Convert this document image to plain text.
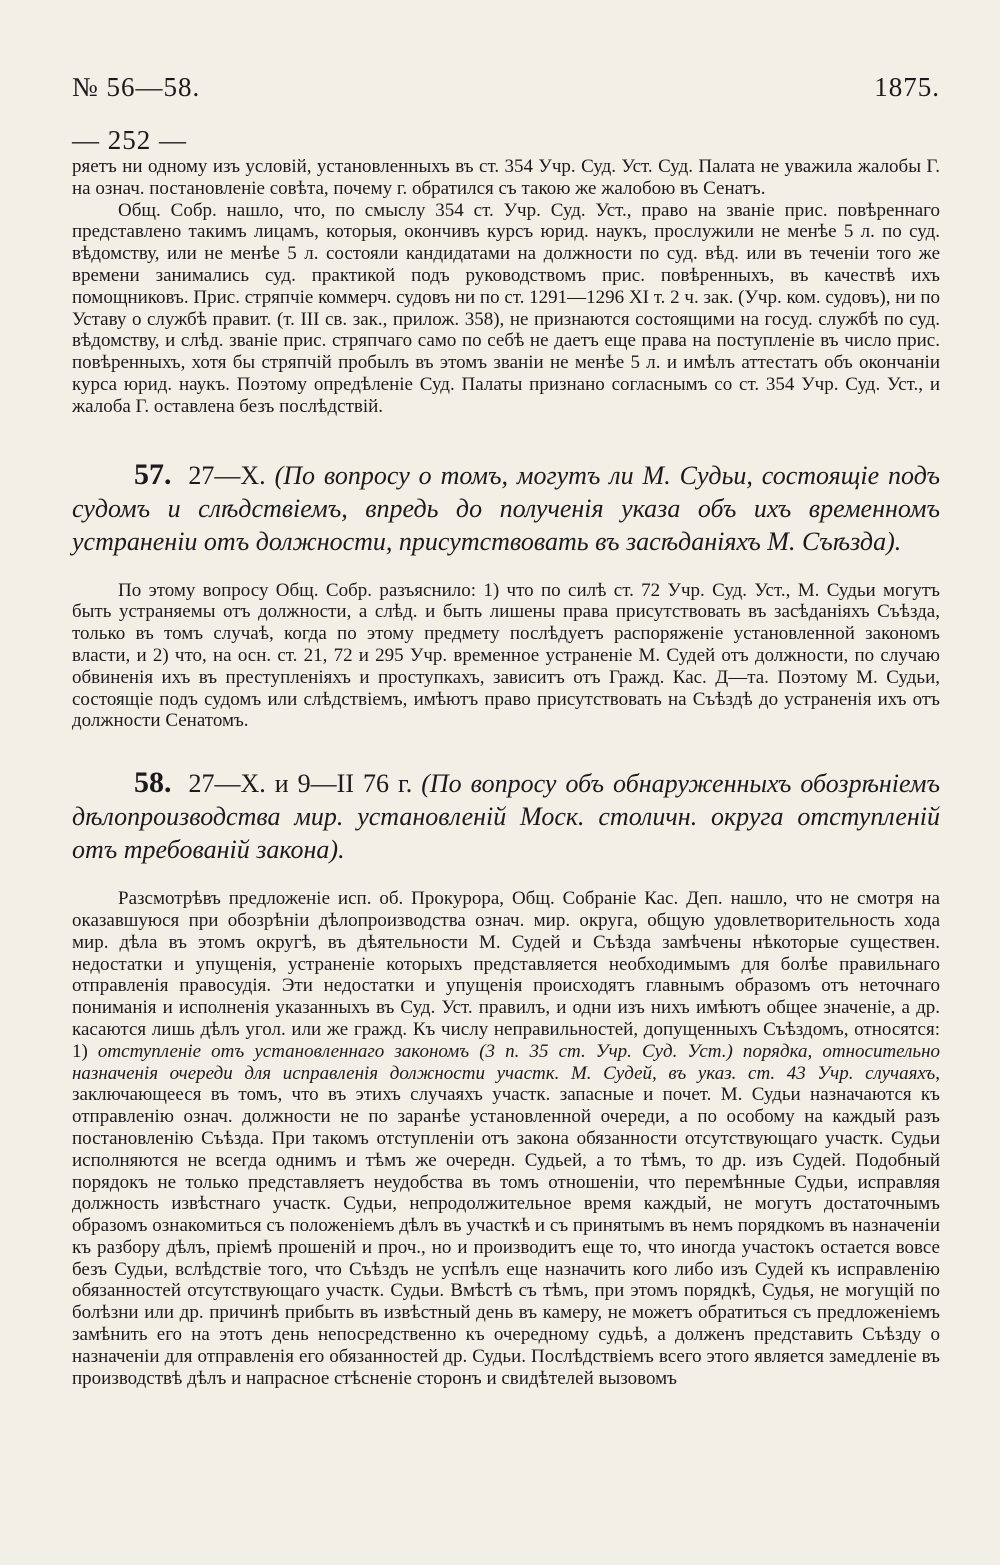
№ 56—58.	1875.
— 252 —

ряетъ ни одному изъ условій, установленныхъ въ ст. 354 Учр. Суд. Уст. Суд. Палата не уважила жалобы Г. на означ. постановленіе совѣта, почему г. обратился съ такою же жалобою въ Сенатъ.

Общ. Собр. нашло, что, по смыслу 354 ст. Учр. Суд. Уст., право на званіе прис. повѣреннаго представлено такимъ лицамъ, которыя, окончивъ курсъ юрид. наукъ, прослужили не менѣе 5 л. по суд. вѣдомству, или не менѣе 5 л. состояли кандидатами на должности по суд. вѣд. или въ теченіи того же времени занимались суд. практикой подъ руководствомъ прис. повѣренныхъ, въ качествѣ ихъ помощниковъ. Прис. стряпчіе коммерч. судовъ ни по ст. 1291—1296 XI т. 2 ч. зак. (Учр. ком. судовъ), ни по Уставу о службѣ правит. (т. III св. зак., прилож. 358), не признаются состоящими на госуд. службѣ по суд. вѣдомству, и слѣд. званіе прис. стряпчаго само по себѣ не даетъ еще права на поступленіе въ число прис. повѣренныхъ, хотя бы стряпчій пробылъ въ этомъ званіи не менѣе 5 л. и имѣлъ аттестатъ объ окончаніи курса юрид. наукъ. Поэтому опредѣленіе Суд. Палаты признано согласнымъ со ст. 354 Учр. Суд. Уст., и жалоба Г. оставлена безъ послѣдствій.

57. 27—X. (По вопросу о томъ, могутъ ли М. Судьи, состоящіе подъ судомъ и слѣдствіемъ, впредь до полученія указа объ ихъ временномъ устраненіи отъ должности, присутствовать въ засѣданіяхъ М. Съѣзда).

По этому вопросу Общ. Собр. разъяснило: 1) что по силѣ ст. 72 Учр. Суд. Уст., М. Судьи могутъ быть устраняемы отъ должности, а слѣд. и быть лишены права присутствовать въ засѣданіяхъ Съѣзда, только въ томъ случаѣ, когда по этому предмету послѣдуетъ распоряженіе установленной закономъ власти, и 2) что, на осн. ст. 21, 72 и 295 Учр. временное устраненіе М. Судей отъ должности, по случаю обвиненія ихъ въ преступленіяхъ и проступкахъ, зависитъ отъ Гражд. Кас. Д—та. Поэтому М. Судьи, состоящіе подъ судомъ или слѣдствіемъ, имѣютъ право присутствовать на Съѣздѣ до устраненія ихъ отъ должности Сенатомъ.

58. 27—X. и 9—II 76 г. (По вопросу объ обнаруженныхъ обозрѣніемъ дѣлопроизводства мир. установленій Моск. столичн. округа отступленій отъ требованій закона).

Разсмотрѣвъ предложеніе исп. об. Прокурора, Общ. Собраніе Кас. Деп. нашло, что не смотря на оказавшуюся при обозрѣніи дѣлопроизводства означ. мир. округа, общую удовлетворительность хода мир. дѣла въ этомъ округѣ, въ дѣятельности М. Судей и Съѣзда замѣчены нѣкоторые существен. недостатки и упущенія, устраненіе которыхъ представляется необходимымъ для болѣе правильнаго отправленія правосудія. Эти недостатки и упущенія происходятъ главнымъ образомъ отъ неточнаго пониманія и исполненія указанныхъ въ Суд. Уст. правилъ, и одни изъ нихъ имѣютъ общее значеніе, а др. касаются лишь дѣлъ угол. или же гражд. Къ числу неправильностей, допущенныхъ Съѣздомъ, относятся: 1) отступленіе отъ установленнаго закономъ (3 п. 35 ст. Учр. Суд. Уст.) порядка, относительно назначенія очереди для исправленія должности участк. М. Судей, въ указ. ст. 43 Учр. случаяхъ, заключающееся въ томъ, что въ этихъ случаяхъ участк. запасные и почет. М. Судьи назначаются къ отправленію означ. должности не по заранѣе установленной очереди, а по особому на каждый разъ постановленію Съѣзда. При такомъ отступленіи отъ закона обязанности отсутствующаго участк. Судьи исполняются не всегда однимъ и тѣмъ же очередн. Судьей, а то тѣмъ, то др. изъ Судей. Подобный порядокъ не только представляетъ неудобства въ томъ отношеніи, что перемѣнные Судьи, исправляя должность извѣстнаго участк. Судьи, непродолжительное время каждый, не могутъ достаточнымъ образомъ ознакомиться съ положеніемъ дѣлъ въ участкѣ и съ принятымъ въ немъ порядкомъ въ назначеніи къ разбору дѣлъ, пріемѣ прошеній и проч., но и производитъ еще то, что иногда участокъ остается вовсе безъ Судьи, вслѣдствіе того, что Съѣздъ не успѣлъ еще назначить кого либо изъ Судей къ исправленію обязанностей отсутствующаго участк. Судьи. Вмѣстѣ съ тѣмъ, при этомъ порядкѣ, Судья, не могущій по болѣзни или др. причинѣ прибыть въ извѣстный день въ камеру, не можетъ обратиться съ предложеніемъ замѣнить его на этотъ день непосредственно къ очередному судьѣ, а долженъ представить Съѣзду о назначеніи для отправленія его обязанностей др. Судьи. Послѣдствіемъ всего этого является замедленіе въ производствѣ дѣлъ и напрасное стѣсненіе сторонъ и свидѣтелей вызовомъ
